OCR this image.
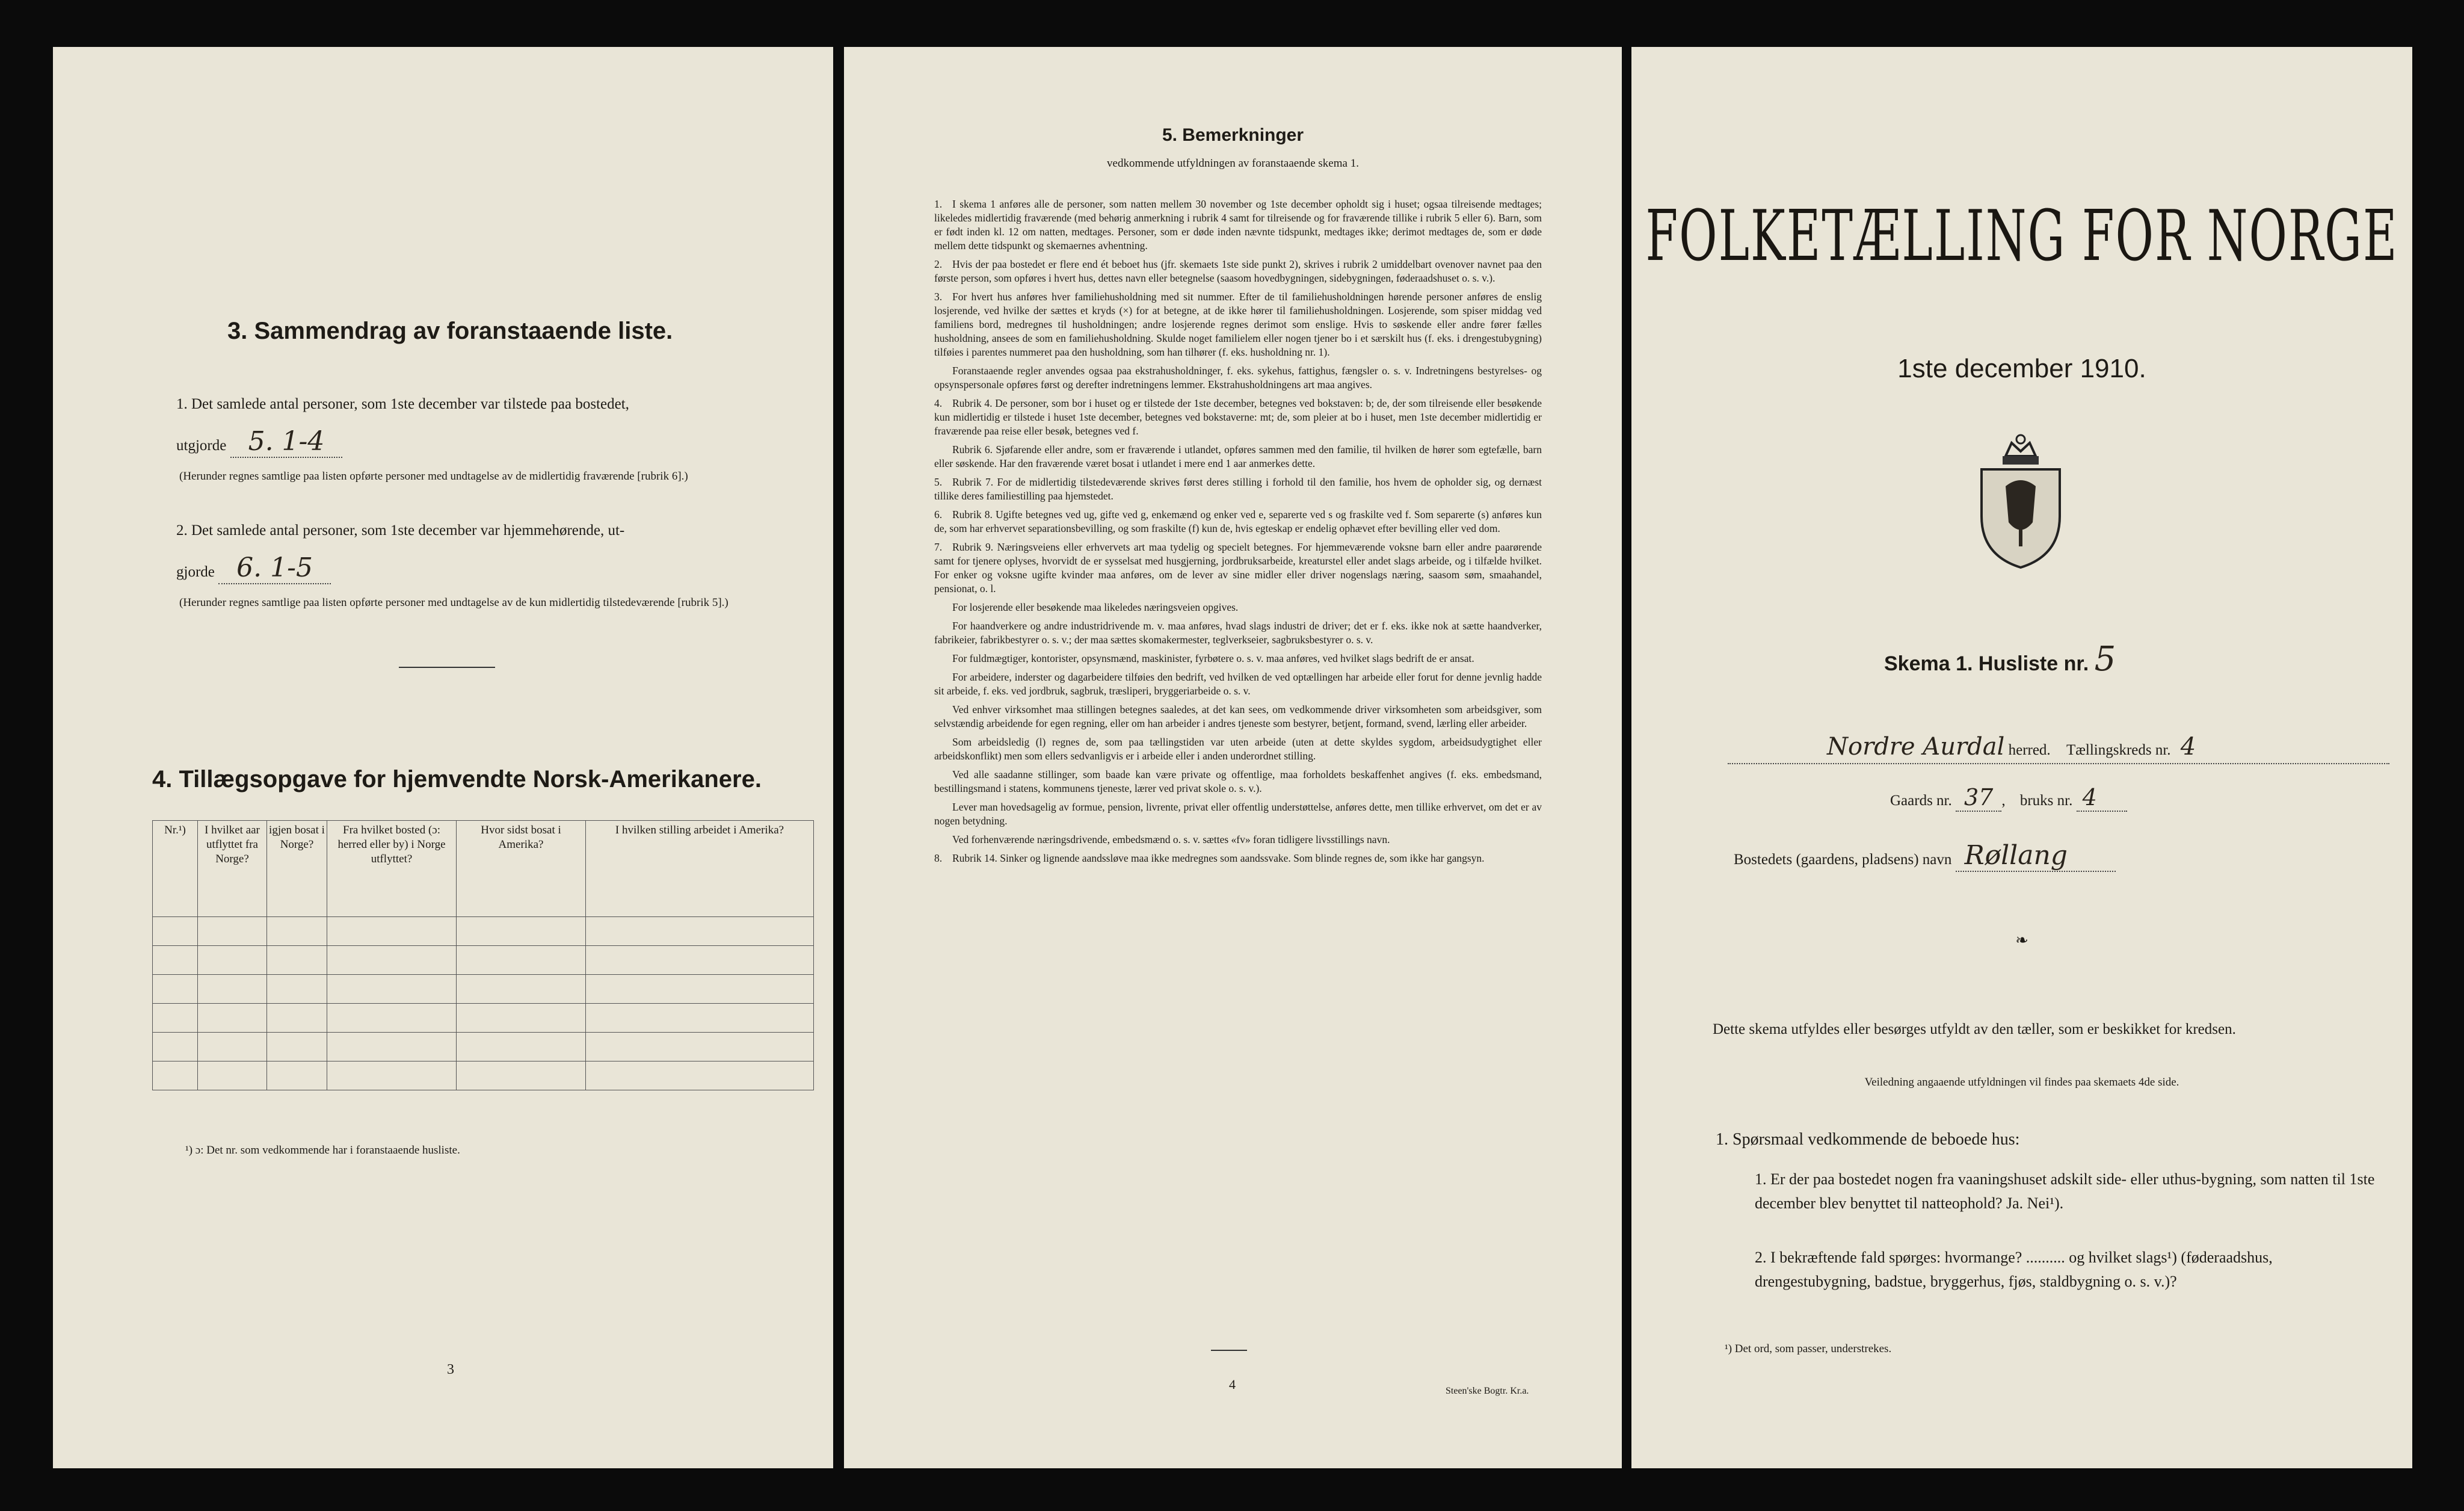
3. Sammendrag av foranstaaende liste.
1. Det samlede antal personer, som 1ste december var tilstede paa bostedet,
utgjorde 5. 1-4
(Herunder regnes samtlige paa listen opførte personer med undtagelse av de midlertidig fraværende [rubrik 6].)
2. Det samlede antal personer, som 1ste december var hjemmehørende, ut-
gjorde 6. 1-5
(Herunder regnes samtlige paa listen opførte personer med undtagelse av de kun midlertidig tilstedeværende [rubrik 5].)
4. Tillægsopgave for hjemvendte Norsk-Amerikanere.
Nr.¹)	I hvilket aar utflyttet fra Norge?	igjen bosat i Norge?	Fra hvilket bosted (ɔ: herred eller by) i Norge utflyttet?	Hvor sidst bosat i Amerika?	I hvilken stilling arbeidet i Amerika?

¹) ɔ: Det nr. som vedkommende har i foranstaaende husliste.
3
5. Bemerkninger
vedkommende utfyldningen av foranstaaende skema 1.

1. I skema 1 anføres alle de personer, som natten mellem 30 november og 1ste december opholdt sig i huset; ogsaa tilreisende medtages; likeledes midlertidig fraværende (med behørig anmerkning i rubrik 4 samt for tilreisende og for fraværende tillike i rubrik 5 eller 6). Barn, som er født inden kl. 12 om natten, medtages. Personer, som er døde inden nævnte tidspunkt, medtages ikke; derimot medtages de, som er døde mellem dette tidspunkt og skemaernes avhentning.

2. Hvis der paa bostedet er flere end ét beboet hus (jfr. skemaets 1ste side punkt 2), skrives i rubrik 2 umiddelbart ovenover navnet paa den første person, som opføres i hvert hus, dettes navn eller betegnelse (saasom hovedbygningen, sidebygningen, føderaadshuset o. s. v.).

3. For hvert hus anføres hver familiehusholdning med sit nummer. Efter de til familiehusholdningen hørende personer anføres de enslig losjerende, ved hvilke der sættes et kryds (×) for at betegne, at de ikke hører til familiehusholdningen. Losjerende, som spiser middag ved familiens bord, medregnes til husholdningen; andre losjerende regnes derimot som enslige. Hvis to søskende eller andre fører fælles husholdning, ansees de som en familiehusholdning. Skulde noget familielem eller nogen tjener bo i et særskilt hus (f. eks. i drengestubygning) tilføies i parentes nummeret paa den husholdning, som han tilhører (f. eks. husholdning nr. 1).

Foranstaaende regler anvendes ogsaa paa ekstrahusholdninger, f. eks. sykehus, fattighus, fængsler o. s. v. Indretningens bestyrelses- og opsynspersonale opføres først og derefter indretningens lemmer. Ekstrahusholdningens art maa angives.

4. Rubrik 4. De personer, som bor i huset og er tilstede der 1ste december, betegnes ved bokstaven: b; de, der som tilreisende eller besøkende kun midlertidig er tilstede i huset 1ste december, betegnes ved bokstaverne: mt; de, som pleier at bo i huset, men 1ste december midlertidig er fraværende paa reise eller besøk, betegnes ved f.

Rubrik 6. Sjøfarende eller andre, som er fraværende i utlandet, opføres sammen med den familie, til hvilken de hører som egtefælle, barn eller søskende. Har den fraværende været bosat i utlandet i mere end 1 aar anmerkes dette.

5. Rubrik 7. For de midlertidig tilstedeværende skrives først deres stilling i forhold til den familie, hos hvem de opholder sig, og dernæst tillike deres familiestilling paa hjemstedet.

6. Rubrik 8. Ugifte betegnes ved ug, gifte ved g, enkemænd og enker ved e, separerte ved s og fraskilte ved f. Som separerte (s) anføres kun de, som har erhvervet separationsbevilling, og som fraskilte (f) kun de, hvis egteskap er endelig ophævet efter bevilling eller ved dom.

7. Rubrik 9. Næringsveiens eller erhvervets art maa tydelig og specielt betegnes. For hjemmeværende voksne barn eller andre paarørende samt for tjenere oplyses, hvorvidt de er sysselsat med husgjerning, jordbruksarbeide, kreaturstel eller andet slags arbeide, og i tilfælde hvilket. For enker og voksne ugifte kvinder maa anføres, om de lever av sine midler eller driver nogenslags næring, saasom søm, smaahandel, pensionat, o. l.

For losjerende eller besøkende maa likeledes næringsveien opgives.

For haandverkere og andre industridrivende m. v. maa anføres, hvad slags industri de driver; det er f. eks. ikke nok at sætte haandverker, fabrikeier, fabrikbestyrer o. s. v.; der maa sættes skomakermester, teglverkseier, sagbruksbestyrer o. s. v.

For fuldmægtiger, kontorister, opsynsmænd, maskinister, fyrbøtere o. s. v. maa anføres, ved hvilket slags bedrift de er ansat.

For arbeidere, inderster og dagarbeidere tilføies den bedrift, ved hvilken de ved optællingen har arbeide eller forut for denne jevnlig hadde sit arbeide, f. eks. ved jordbruk, sagbruk, træsliperi, bryggeriarbeide o. s. v.

Ved enhver virksomhet maa stillingen betegnes saaledes, at det kan sees, om vedkommende driver virksomheten som arbeidsgiver, som selvstændig arbeidende for egen regning, eller om han arbeider i andres tjeneste som bestyrer, betjent, formand, svend, lærling eller arbeider.

Som arbeidsledig (l) regnes de, som paa tællingstiden var uten arbeide (uten at dette skyldes sygdom, arbeidsudygtighet eller arbeidskonflikt) men som ellers sedvanligvis er i arbeide eller i anden underordnet stilling.

Ved alle saadanne stillinger, som baade kan være private og offentlige, maa forholdets beskaffenhet angives (f. eks. embedsmand, bestillingsmand i statens, kommunens tjeneste, lærer ved privat skole o. s. v.).

Lever man hovedsagelig av formue, pension, livrente, privat eller offentlig understøttelse, anføres dette, men tillike erhvervet, om det er av nogen betydning.

Ved forhenværende næringsdrivende, embedsmænd o. s. v. sættes «fv» foran tidligere livsstillings navn.

8. Rubrik 14. Sinker og lignende aandssløve maa ikke medregnes som aandssvake. Som blinde regnes de, som ikke har gangsyn.

4	Steen'ske Bogtr. Kr.a.
FOLKETÆLLING FOR NORGE
1ste december 1910.
Skema 1. Husliste nr. 5
Nordre Aurdal herred. Tællingskreds nr. 4
Gaards nr. 37 , bruks nr. 4
Bostedets (gaardens, pladsens) navn Røllang
❧
Dette skema utfyldes eller besørges utfyldt av den tæller, som er beskikket for kredsen.
Veiledning angaaende utfyldningen vil findes paa skemaets 4de side.
1. Spørsmaal vedkommende de beboede hus:
1. Er der paa bostedet nogen fra vaaningshuset adskilt side- eller uthus-bygning, som natten til 1ste december blev benyttet til natteophold? Ja. Nei¹).
2. I bekræftende fald spørges: hvormange? .......... og hvilket slags¹) (føderaadshus, drengestubygning, badstue, bryggerhus, fjøs, staldbygning o. s. v.)?
¹) Det ord, som passer, understrekes.
